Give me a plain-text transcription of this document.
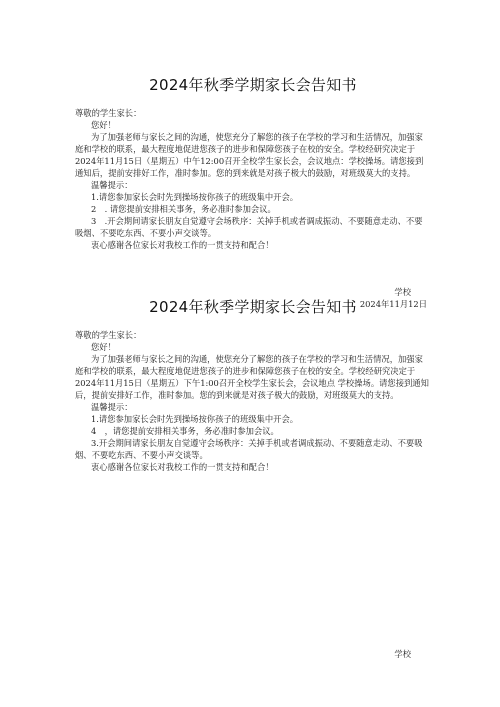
2024年秋季学期家长会告知书

尊敬的学生家长：

您好！

为了加强老师与家长之间的沟通，使您充分了解您的孩子在学校的学习和生活情况，加强家庭和学校的联系，最大程度地促进您孩子的进步和保障您孩子在校的安全。学校经研究决定于2024年11月15日（星期五）中午12:00召开全校学生家长会，会议地点：学校操场。请您接到通知后，提前安排好工作，准时参加。您的到来就是对孩子极大的鼓励，对班级莫大的支持。

温馨提示：

1.请您参加家长会时先到操场按你孩子的班级集中开会。

2　. 请您提前安排相关事务，务必准时参加会议。

3　.开会期间请家长朋友自觉遵守会场秩序：关掉手机或者调成振动、不要随意走动、不要吸烟、不要吃东西、不要小声交谈等。

衷心感谢各位家长对我校工作的一贯支持和配合！

学校
2024年11月12日
2024年秋季学期家长会告知书

尊敬的学生家长：

您好！

为了加强老师与家长之间的沟通，使您充分了解您的孩子在学校的学习和生活情况，加强家庭和学校的联系，最大程度地促进您孩子的进步和保障您孩子在校的安全。学校经研究决定于2024年11月15日（星期五）下午1:00召开全校学生家长会，会议地点 学校操场。请您接到通知后，提前安排好工作，准时参加。您的到来就是对孩子极大的鼓励，对班级莫大的支持。

温馨提示：

1.请您参加家长会时先到操场按你孩子的班级集中开会。

4　，请您提前安排相关事务，务必准时参加会议。

3.开会期间请家长朋友自觉遵守会场秩序：关掉手机或者调成振动、不要随意走动、不要吸烟、不要吃东西、不要小声交谈等。

衷心感谢各位家长对我校工作的一贯支持和配合！

学校
